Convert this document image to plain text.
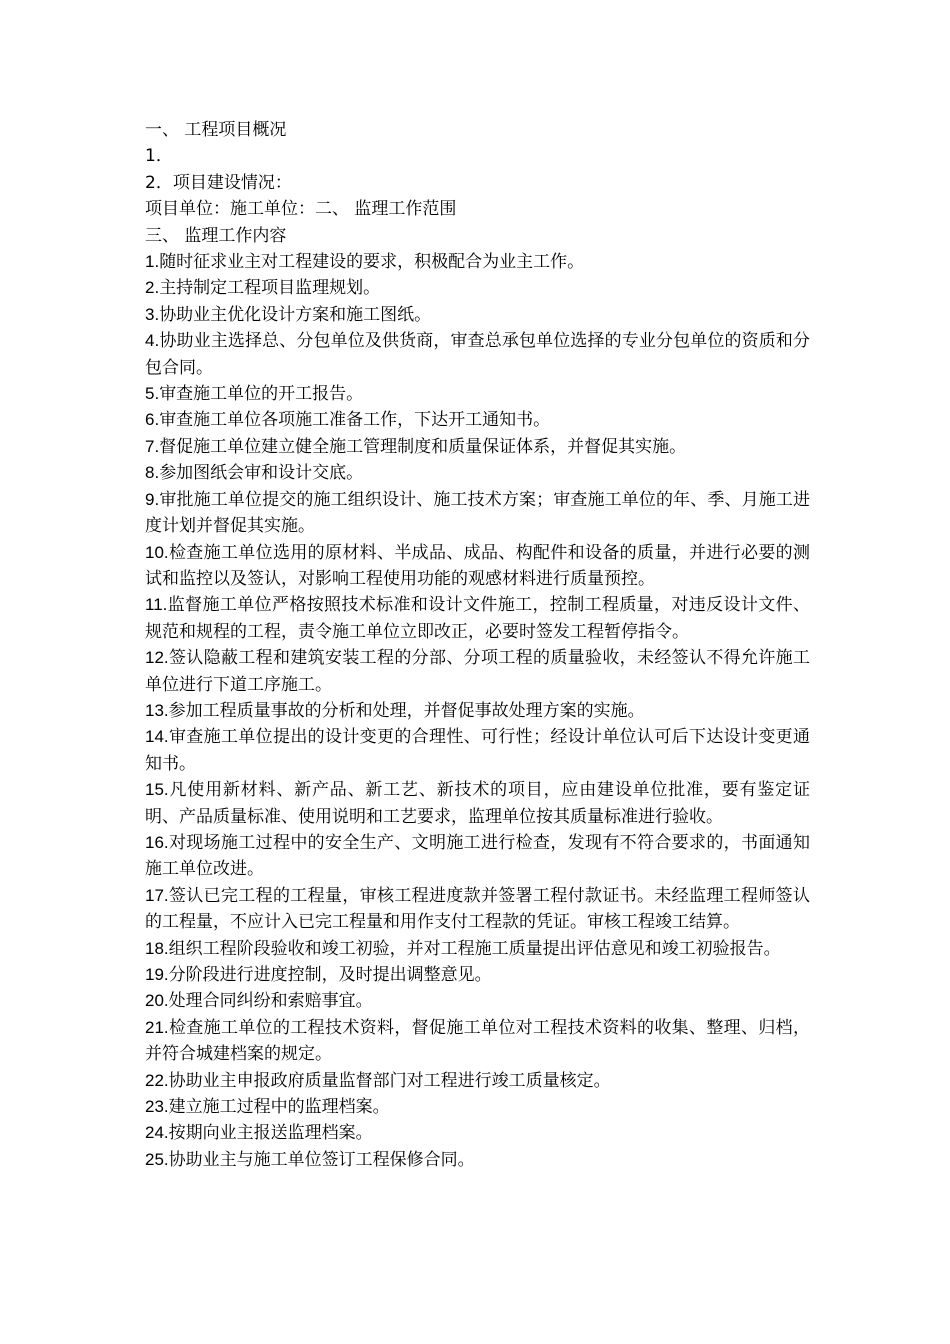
一、 工程项目概况
1．
2．项目建设情况：
项目单位：施工单位：二、 监理工作范围
三、 监理工作内容
1.随时征求业主对工程建设的要求，积极配合为业主工作。
2.主持制定工程项目监理规划。
3.协助业主优化设计方案和施工图纸。
4.协助业主选择总、分包单位及供货商，审查总承包单位选择的专业分包单位的资质和分包合同。
5.审查施工单位的开工报告。
6.审查施工单位各项施工准备工作，下达开工通知书。
7.督促施工单位建立健全施工管理制度和质量保证体系，并督促其实施。
8.参加图纸会审和设计交底。
9.审批施工单位提交的施工组织设计、施工技术方案；审查施工单位的年、季、月施工进度计划并督促其实施。
10.检查施工单位选用的原材料、半成品、成品、构配件和设备的质量，并进行必要的测试和监控以及签认，对影响工程使用功能的观感材料进行质量预控。
11.监督施工单位严格按照技术标准和设计文件施工，控制工程质量，对违反设计文件、规范和规程的工程，责令施工单位立即改正，必要时签发工程暂停指令。
12.签认隐蔽工程和建筑安装工程的分部、分项工程的质量验收，未经签认不得允许施工单位进行下道工序施工。
13.参加工程质量事故的分析和处理，并督促事故处理方案的实施。
14.审查施工单位提出的设计变更的合理性、可行性；经设计单位认可后下达设计变更通知书。
15.凡使用新材料、新产品、新工艺、新技术的项目，应由建设单位批准，要有鉴定证明、产品质量标准、使用说明和工艺要求，监理单位按其质量标准进行验收。
16.对现场施工过程中的安全生产、文明施工进行检查，发现有不符合要求的，书面通知施工单位改进。
17.签认已完工程的工程量，审核工程进度款并签署工程付款证书。未经监理工程师签认的工程量，不应计入已完工程量和用作支付工程款的凭证。审核工程竣工结算。
18.组织工程阶段验收和竣工初验，并对工程施工质量提出评估意见和竣工初验报告。
19.分阶段进行进度控制，及时提出调整意见。
20.处理合同纠纷和索赔事宜。
21.检查施工单位的工程技术资料，督促施工单位对工程技术资料的收集、整理、归档，并符合城建档案的规定。
22.协助业主申报政府质量监督部门对工程进行竣工质量核定。
23.建立施工过程中的监理档案。
24.按期向业主报送监理档案。
25.协助业主与施工单位签订工程保修合同。
